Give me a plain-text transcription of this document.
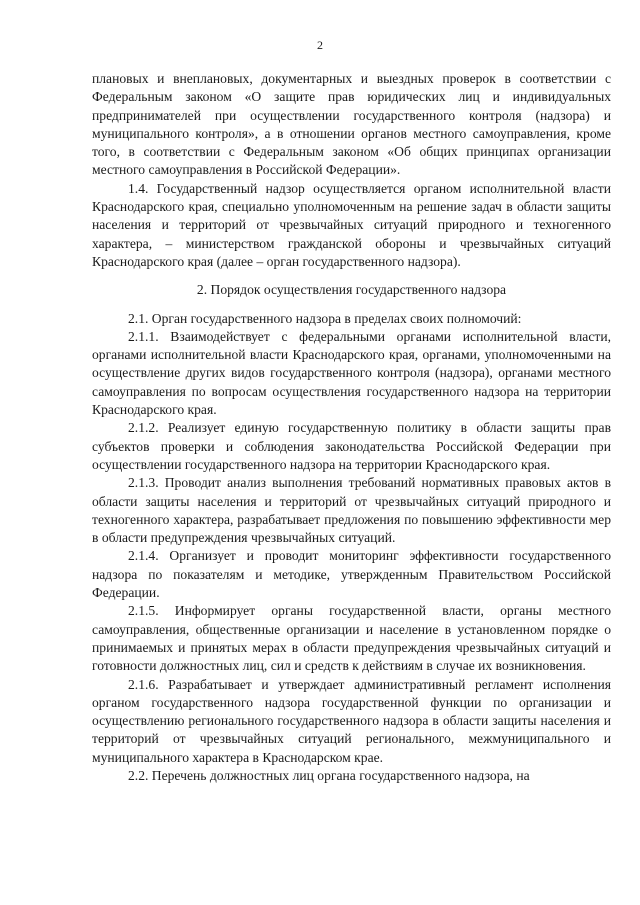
2

плановых и внеплановых, документарных и выездных проверок в соответствии с Федеральным законом «О защите прав юридических лиц и индивидуальных предпринимателей при осуществлении государственного контроля (надзора) и муниципального контроля», а в отношении органов местного самоуправления, кроме того, в соответствии с Федеральным законом «Об общих принципах организации местного самоуправления в Российской Федерации».

1.4. Государственный надзор осуществляется органом исполнительной власти Краснодарского края, специально уполномоченным на решение задач в области защиты населения и территорий от чрезвычайных ситуаций природного и техногенного характера, – министерством гражданской обороны и чрезвычайных ситуаций Краснодарского края (далее – орган государственного надзора).

2. Порядок осуществления государственного надзора

2.1. Орган государственного надзора в пределах своих полномочий:

2.1.1. Взаимодействует с федеральными органами исполнительной власти, органами исполнительной власти Краснодарского края, органами, уполномоченными на осуществление других видов государственного контроля (надзора), органами местного самоуправления по вопросам осуществления государственного надзора на территории Краснодарского края.

2.1.2. Реализует единую государственную политику в области защиты прав субъектов проверки и соблюдения законодательства Российской Федерации при осуществлении государственного надзора на территории Краснодарского края.

2.1.3. Проводит анализ выполнения требований нормативных правовых актов в области защиты населения и территорий от чрезвычайных ситуаций природного и техногенного характера, разрабатывает предложения по повышению эффективности мер в области предупреждения чрезвычайных ситуаций.

2.1.4. Организует и проводит мониторинг эффективности государственного надзора по показателям и методике, утвержденным Правительством Российской Федерации.

2.1.5. Информирует органы государственной власти, органы местного самоуправления, общественные организации и население в установленном порядке о принимаемых и принятых мерах в области предупреждения чрезвычайных ситуаций и готовности должностных лиц, сил и средств к действиям в случае их возникновения.

2.1.6. Разрабатывает и утверждает административный регламент исполнения органом государственного надзора государственной функции по организации и осуществлению регионального государственного надзора в области защиты населения и территорий от чрезвычайных ситуаций регионального, межмуниципального и муниципального характера в Краснодарском крае.

2.2. Перечень должностных лиц органа государственного надзора, на
